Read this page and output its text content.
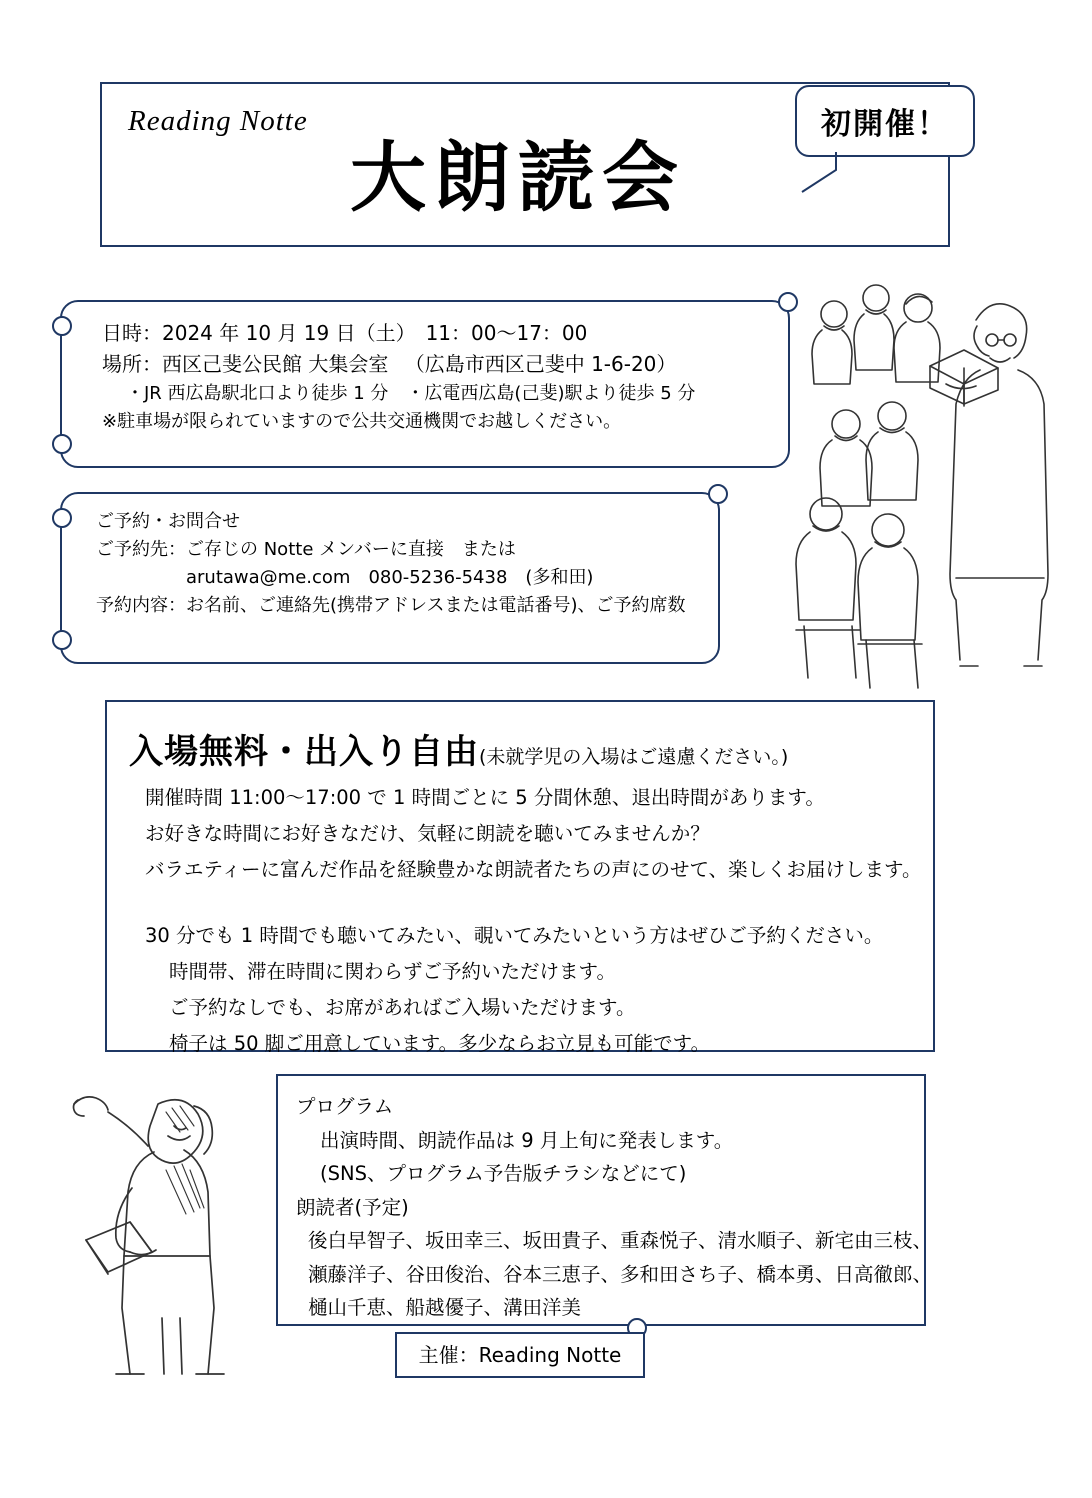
Reading Notte
大朗読会
初開催！
日時：2024 年 10 月 19 日（土）　11：00〜17：00
場所：西区己斐公民館 大集会室 　（広島市西区己斐中 1-6-20）
・JR 西広島駅北口より徒歩 1 分　・広電西広島(己斐)駅より徒歩 5 分
※駐車場が限られていますので公共交通機関でお越しください。
ご予約・お問合せ
ご予約先：ご存じの Notte メンバーに直接　または
　　　　　arutawa@me.com　080-5236-5438　(多和田)
予約内容：お名前、ご連絡先(携帯アドレスまたは電話番号)、ご予約席数
入場無料・出入り自由(未就学児の入場はご遠慮ください。)
開催時間 11:00〜17:00 で 1 時間ごとに 5 分間休憩、退出時間があります。
お好きな時間にお好きなだけ、気軽に朗読を聴いてみませんか？
バラエティーに富んだ作品を経験豊かな朗読者たちの声にのせて、楽しくお届けします。

30 分でも 1 時間でも聴いてみたい、覗いてみたいという方はぜひご予約ください。
時間帯、滞在時間に関わらずご予約いただけます。
ご予約なしでも、お席があればご入場いただけます。
椅子は 50 脚ご用意しています。多少ならお立見も可能です。
プログラム
出演時間、朗読作品は 9 月上旬に発表します。
(SNS、プログラム予告版チラシなどにて)
朗読者(予定)
後白早智子、坂田幸三、坂田貴子、重森悦子、清水順子、新宅由三枝、
瀬藤洋子、谷田俊治、谷本三恵子、多和田さち子、橋本勇、日高徹郎、
樋山千恵、船越優子、溝田洋美
主催：Reading Notte
